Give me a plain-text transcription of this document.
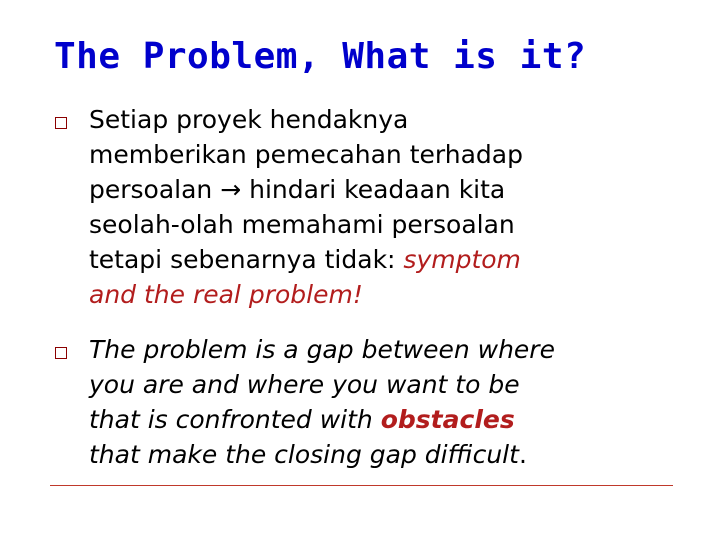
The Problem, What is it?
Setiap proyek hendaknya
memberikan pemecahan terhadap
persoalan → hindari keadaan kita
seolah-olah memahami persoalan
tetapi sebenarnya tidak: symptom
and the real problem!
The problem is a gap between where
you are and where you want to be
that is confronted with obstacles
that make the closing gap difficult.
